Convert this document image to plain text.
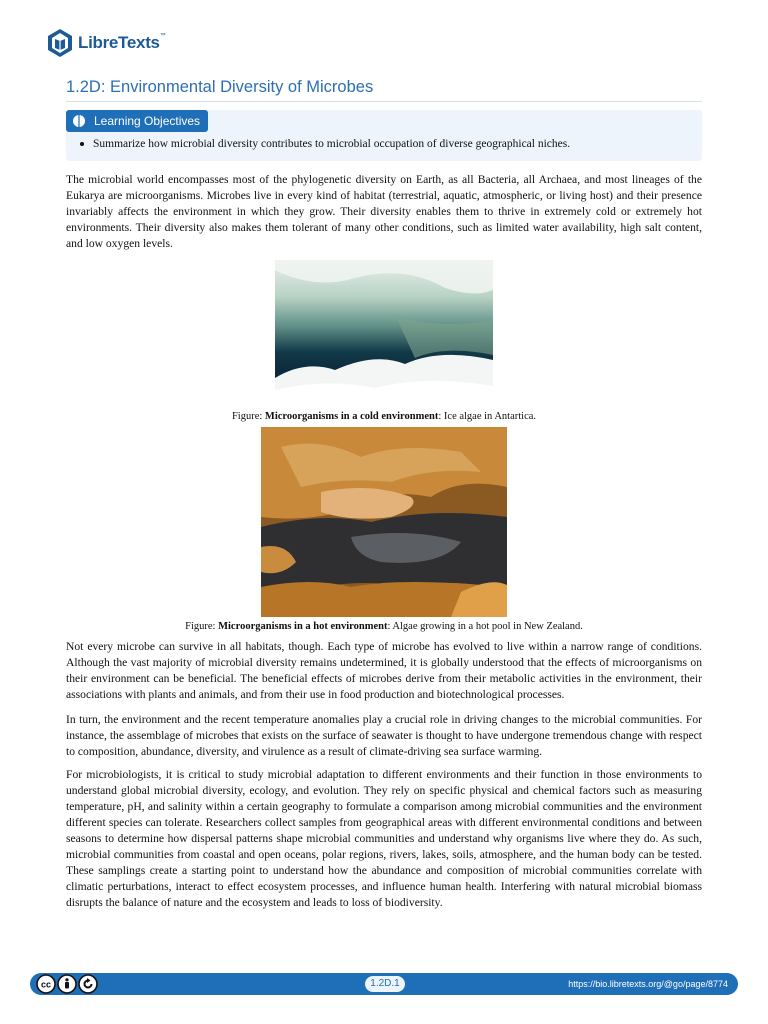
LibreTexts™
1.2D: Environmental Diversity of Microbes
Learning Objectives
Summarize how microbial diversity contributes to microbial occupation of diverse geographical niches.

The microbial world encompasses most of the phylogenetic diversity on Earth, as all Bacteria, all Archaea, and most lineages of the Eukarya are microorganisms. Microbes live in every kind of habitat (terrestrial, aquatic, atmospheric, or living host) and their presence invariably affects the environment in which they grow. Their diversity enables them to thrive in extremely cold or extremely hot environments. Their diversity also makes them tolerant of many other conditions, such as limited water availability, high salt content, and low oxygen levels.

Figure: Microorganisms in a cold environment: Ice algae in Antartica.
Figure: Microorganisms in a hot environment: Algae growing in a hot pool in New Zealand.

Not every microbe can survive in all habitats, though. Each type of microbe has evolved to live within a narrow range of conditions. Although the vast majority of microbial diversity remains undetermined, it is globally understood that the effects of microorganisms on their environment can be beneficial. The beneficial effects of microbes derive from their metabolic activities in the environment, their associations with plants and animals, and from their use in food production and biotechnological processes.

In turn, the environment and the recent temperature anomalies play a crucial role in driving changes to the microbial communities. For instance, the assemblage of microbes that exists on the surface of seawater is thought to have undergone tremendous change with respect to composition, abundance, diversity, and virulence as a result of climate-driving sea surface warming.

For microbiologists, it is critical to study microbial adaptation to different environments and their function in those environments to understand global microbial diversity, ecology, and evolution. They rely on specific physical and chemical factors such as measuring temperature, pH, and salinity within a certain geography to formulate a comparison among microbial communities and the environment different species can tolerate. Researchers collect samples from geographical areas with different environmental conditions and between seasons to determine how dispersal patterns shape microbial communities and understand why organisms live where they do. As such, microbial communities from coastal and open oceans, polar regions, rivers, lakes, soils, atmosphere, and the human body can be tested. These samplings create a starting point to understand how the abundance and composition of microbial communities correlate with climatic perturbations, interact to effect ecosystem processes, and influence human health. Interfering with natural microbial biomass disrupts the balance of nature and the ecosystem and leads to loss of biodiversity.

cc	1.2D.1	https://bio.libretexts.org/@go/page/8774
